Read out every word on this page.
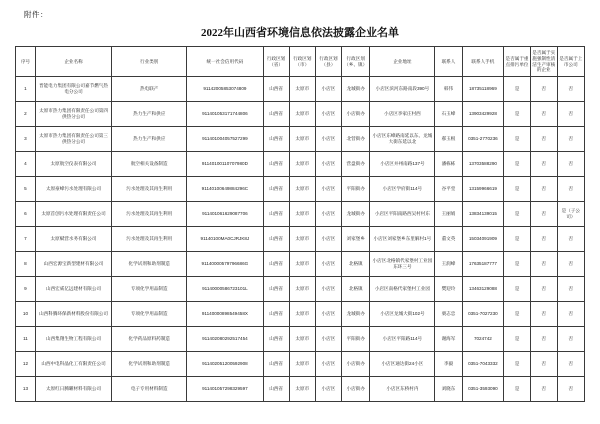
附件：
2022年山西省环境信息依法披露企业名单
序号	企业名称	行业类别	统一社会信用代码	行政区划（省）	行政区划（市）	行政区划（县）	行政区划（乡、镇）	企业地址	联系人	联系人手机	是否属于重点排污单位	是否属于实施强制性清洁生产审核的企业	是否属于上市公司
1	晋能电力集团有限公司嘉节燃气热电分公司	热电联产	91142005853074809	山西省	太原市	小店区	龙城街办	小店区滨河东路南段390号	韩伟	18735118969	是	否	否
2	太原市热力集团有限责任公司第四供热分公司	热力生产和供应	911401053171744806	山西省	太原市	小店区	小店街办	小店区李家庄村西	石玉峰	13903429928	是	否	否
3	太原市热力集团有限责任公司第三供热分公司	热力生产和供应	911401004057527299	山西省	太原市	小店区	北营街办	小店区东峰路南延以东、龙城大街东延以北	郝玉根	0351-2770236	是	否	否
4	太原航空仪表有限公司	航空相关设备制造	91140100110707980D	山西省	太原市	小店区	营盘街办	小店区并州南路137号	潘栋栋	13703588290	是	否	否
5	太原豪峰污水处理有限公司	污水处理及其再生利用	91140100649884296C	山西省	太原市	小店区	平阳街办	小店区学府街114号	谷平堂	13159966619	是	否	否
6	太原首创污水处理有限责任公司	污水处理及其再生利用	911401061629087706	山西省	太原市	小店区	龙城街办	小店区平阳南路西吴村村东	王丽娟	13834139015	是	否	是（子公司）
7	太原赋营水务有限公司	污水处理及其再生利用	91140100MA0CJRJK8J	山西省	太原市	小店区	刘家堡乡	小店区刘家堡乡东里解村1号	董文英	15034091909	是	否	否
8	山西宏源宝新型建材有限公司	化学试剂和助剂制造	91140000579796686G	山西省	太原市	小店区	北格镇	小店区北格镇代家堡村工业园东环三号	王润峰	17635187777	是	否	否
9	山西宏威亿远建材有限公司	专项化学用品制造	91140000586723101L	山西省	太原市	小店区	北格镇	小店区南格代家堡村工业园	樊迎玲	13463129088	是	否	否
10	山西科腾环保新材料股份有限公司	专项化学用品制造	91140000898549458X	山西省	太原市	小店区	龙城街办	小店区龙城大街102号	栗志忠	0351-7027230	是	否	否
11	山西集翔生物工程有限公司	化学药品原料药制造	911402080292517454	山西省	太原市	小店区	平阳街办	小店区平阳路114号	谢海军	7024742	是	否	否
12	山西中电科晶化工有限责任公司	化学试剂和助剂制造	911402051200592908	山西省	太原市	小店区	小店街办	小店区通达街24小区	李毅	0351-7043332	是	否	否
13	太原红日腾曜材料有限公司	电子专用材料制造	911401057298329597	山西省	太原市	小店区	小店街办	小店区东桥村内	刘晓东	0351-3593090	是	否	否
